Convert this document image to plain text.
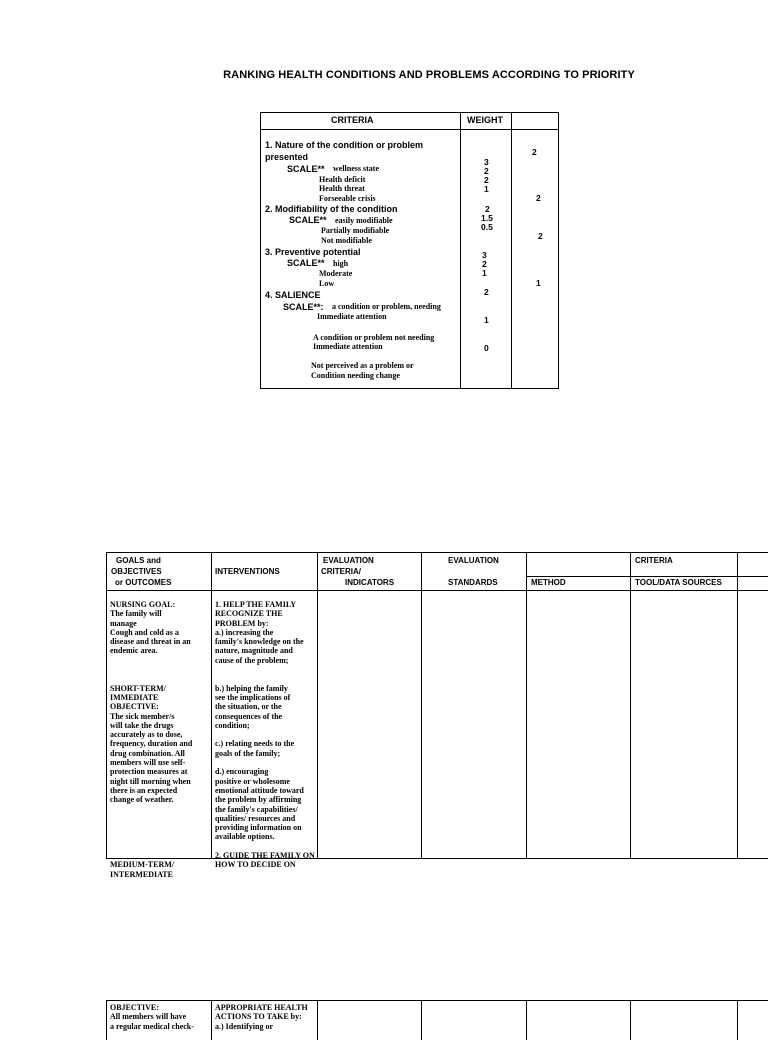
RANKING HEALTH CONDITIONS AND PROBLEMS ACCORDING TO PRIORITY
CRITERIA	WEIGHT
1. Nature of the condition or problem
presented
SCALE** wellness state
Health deficit
Health threat
Forseeable crisis
3
2
2
1
2
2. Modifiability of the condition
SCALE** easily modifiable
Partially modifiable
Not modifiable
2
1.5
0.5
2
3. Preventive potential
SCALE** high
Moderate
Low
3
2
1
2
4. SALIENCE
SCALE**: a condition or problem, needing
Immediate attention
A condition or problem not needing
Immediate attention
Not perceived as a problem or
Condition needing change
2
1
0
1
GOALS and
OBJECTIVES
or OUTCOMES
INTERVENTIONS
EVALUATION
CRITERIA/
INDICATORS
EVALUATION
STANDARDS
CRITERIA
METHOD	TOOL/DATA SOURCES
NURSING GOAL:
The family will
manage
Cough and cold as a
disease and threat in an
endemic area.

SHORT-TERM/ IMMEDIATE
OBJECTIVE:
The sick member/s
will take the drugs
accurately as to dose,
frequency, duration and
drug combination. All
members will use self-
protection measures at
night till morning when
there is an expected
change of weather.

MEDIUM-TERM/
INTERMEDIATE
1. HELP THE FAMILY
RECOGNIZE THE
PROBLEM by:
a.) increasing the
family's knowledge on the
nature, magnitude and
cause of the problem;

b.) helping the family
see the implications of
the situation, or the
consequences of the
condition;

c.) relating needs to the
goals of the family;

d.) encouraging
positive or wholesome
emotional attitude toward
the problem by affirming
the family's capabilities/
qualities/ resources and
providing information on
available options.

2. GUIDE THE FAMILY ON
HOW TO DECIDE ON
OBJECTIVE:
All members will have
a regular medical check-
APPROPRIATE HEALTH
ACTIONS TO TAKE by:
a.) Identifying or
